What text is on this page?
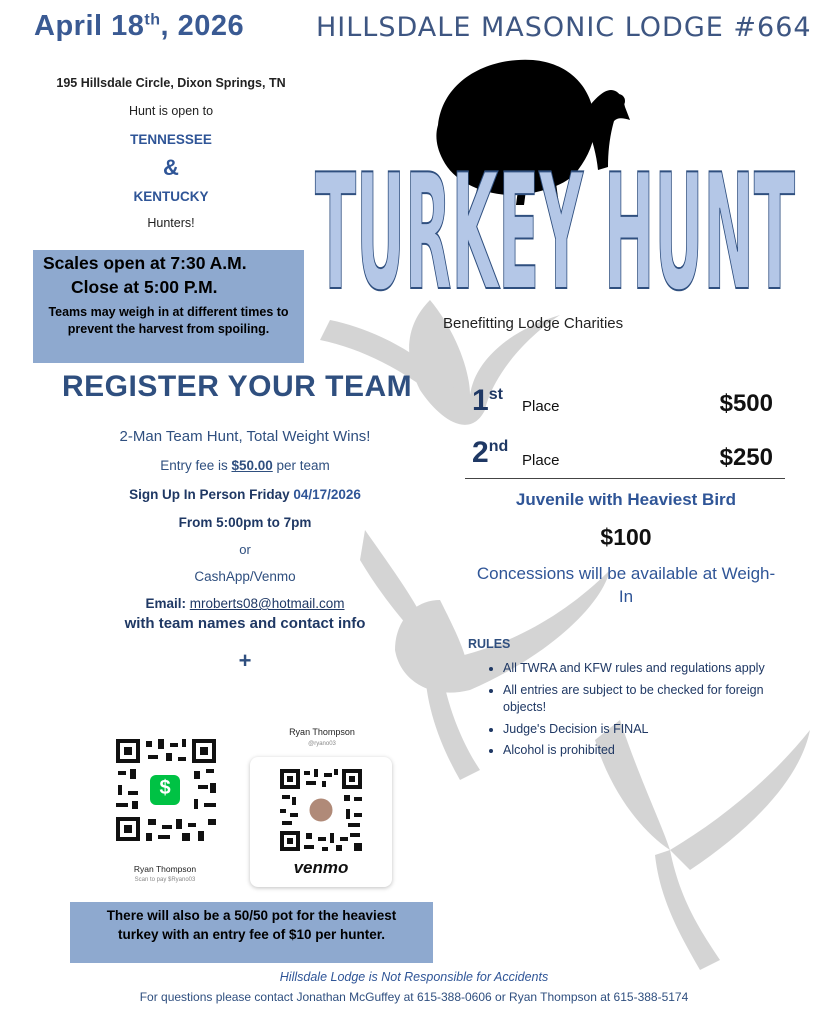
April 18th, 2026	HILLSDALE MASONIC LODGE #664
195 Hillsdale Circle, Dixon Springs, TN
Hunt is open to
TENNESSEE
&
KENTUCKY
Hunters!
Scales open at 7:30 A.M.
Close at 5:00 P.M.
Teams may weigh in at different times to prevent the harvest from spoiling.
TURKEY HUNT
Benefitting Lodge Charities
REGISTER YOUR TEAM
2-Man Team Hunt, Total Weight Wins!
Entry fee is $50.00 per team
Sign Up In Person Friday 04/17/2026
From 5:00pm to 7pm
or
CashApp/Venmo
Email: mroberts08@hotmail.com
with team names and contact info
+
1st
Place	$500
2nd
Place	$250
Juvenile with Heaviest Bird
$100
Concessions will be available at Weigh-In
RULES
• All TWRA and KFW rules and regulations apply
• All entries are subject to be checked for foreign objects!
• Judge's Decision is FINAL
• Alcohol is prohibited
$
Ryan Thompson
Scan to pay $Ryano03
Ryan Thompson
@ryano03
venmo
There will also be a 50/50 pot for the heaviest turkey with an entry fee of $10 per hunter.
Hillsdale Lodge is Not Responsible for Accidents
For questions please contact Jonathan McGuffey at 615-388-0606 or Ryan Thompson at 615-388-5174
